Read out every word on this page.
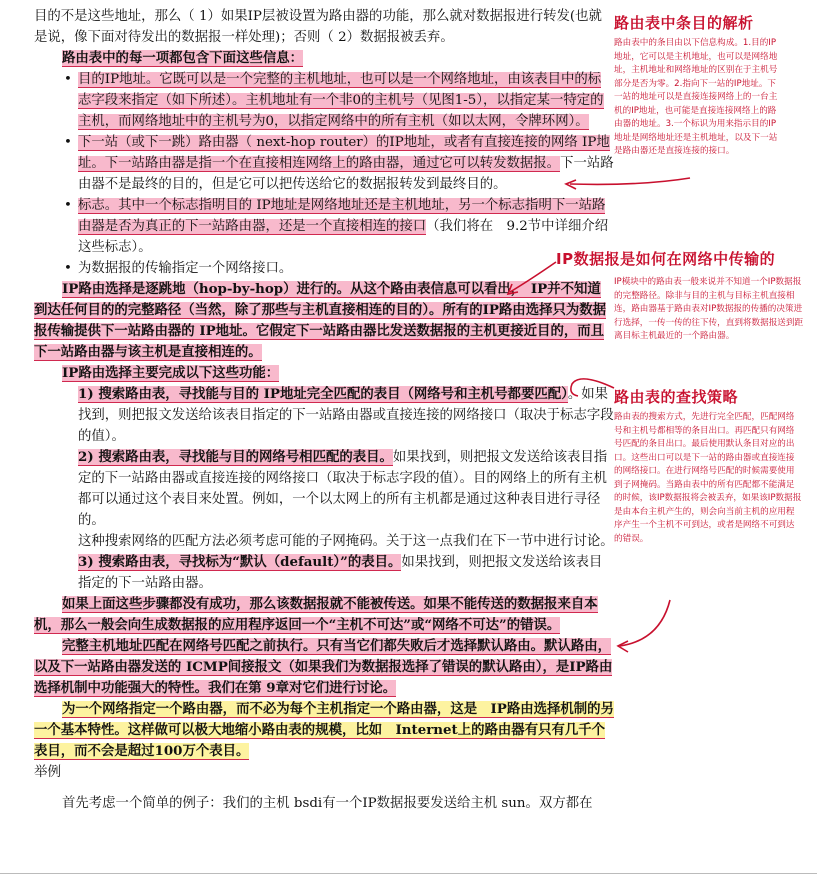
目的不是这些地址，那么（ 1）如果IP层被设置为路由器的功能，那么就对数据报进行转发(也就是说，像下面对待发出的数据报一样处理)；否则（ 2）数据报被丢弃。

路由表中的每一项都包含下面这些信息：

• 目的IP地址。它既可以是一个完整的主机地址，也可以是一个网络地址，由该表目中的标志字段来指定（如下所述）。主机地址有一个非0的主机号（见图1-5），以指定某一特定的主机，而网络地址中的主机号为0，以指定网络中的所有主机（如以太网，令牌环网）。
• 下一站（或下一跳）路由器（ next-hop router）的IP地址，或者有直接连接的网络 IP地址。下一站路由器是指一个在直接相连网络上的路由器，通过它可以转发数据报。下一站路由器不是最终的目的，但是它可以把传送给它的数据报转发到最终目的。
• 标志。其中一个标志指明目的 IP地址是网络地址还是主机地址，另一个标志指明下一站路由器是否为真正的下一站路由器，还是一个直接相连的接口（我们将在　9.2节中详细介绍这些标志）。
• 为数据报的传输指定一个网络接口。

IP路由选择是逐跳地（hop-by-hop）进行的。从这个路由表信息可以看出，　IP并不知道到达任何目的的完整路径（当然，除了那些与主机直接相连的目的）。所有的IP路由选择只为数据报传输提供下一站路由器的 IP地址。它假定下一站路由器比发送数据报的主机更接近目的，而且下一站路由器与该主机是直接相连的。

IP路由选择主要完成以下这些功能：

1) 搜索路由表，寻找能与目的 IP地址完全匹配的表目（网络号和主机号都要匹配）。如果找到，则把报文发送给该表目指定的下一站路由器或直接连接的网络接口（取决于标志字段的值）。
2) 搜索路由表，寻找能与目的网络号相匹配的表目。如果找到，则把报文发送给该表目指定的下一站路由器或直接连接的网络接口（取决于标志字段的值）。目的网络上的所有主机都可以通过这个表目来处置。例如，一个以太网上的所有主机都是通过这种表目进行寻径的。
这种搜索网络的匹配方法必须考虑可能的子网掩码。关于这一点我们在下一节中进行讨论。
3) 搜索路由表，寻找标为“默认（default）”的表目。如果找到，则把报文发送给该表目指定的下一站路由器。

如果上面这些步骤都没有成功，那么该数据报就不能被传送。如果不能传送的数据报来自本机，那么一般会向生成数据报的应用程序返回一个“主机不可达”或“网络不可达”的错误。

完整主机地址匹配在网络号匹配之前执行。只有当它们都失败后才选择默认路由。默认路由，以及下一站路由器发送的 ICMP间接报文（如果我们为数据报选择了错误的默认路由），是IP路由选择机制中功能强大的特性。我们在第 9章对它们进行讨论。

为一个网络指定一个路由器，而不必为每个主机指定一个路由器，这是　IP路由选择机制的另一个基本特性。这样做可以极大地缩小路由表的规模，比如　Internet上的路由器有只有几千个表目，而不会是超过100万个表目。

举例

首先考虑一个简单的例子：我们的主机 bsdi有一个IP数据报要发送给主机 sun。双方都在

路由表中条目的解析
路由表中的条目由以下信息构成。1.目的IP地址，它可以是主机地址，也可以是网络地址，主机地址和网络地址的区别在于主机号部分是否为零。2.指向下一站的IP地址。下一站的地址可以是直接连接网络上的一台主机的IP地址，也可能是直接连接网络上的路由器的地址。3.一个标识为用来指示目的IP地址是网络地址还是主机地址，以及下一站是路由器还是直接连接的接口。
IP数据报是如何在网络中传输的
IP模块中的路由表一般来说并不知道一个IP数据报的完整路径。除非与目的主机与目标主机直接相连，路由器基于路由表对IP数据报的传播的决策进行选择，一传一传的往下传，直到将数据报送到距离目标主机最近的一个路由器。
路由表的查找策略
路由表的搜索方式，先进行完全匹配，匹配网络号和主机号都相等的条目出口。再匹配只有网络号匹配的条目出口。最后使用默认条目对应的出口。这些出口可以是下一站的路由器或直接连接的网络接口。在进行网络号匹配的时候需要使用到子网掩码。当路由表中的所有匹配都不能满足的时候，该IP数据报将会被丢弃，如果该IP数据报是由本台主机产生的，则会向当前主机的应用程序产生一个主机不可到达，或者是网络不可到达的错误。
